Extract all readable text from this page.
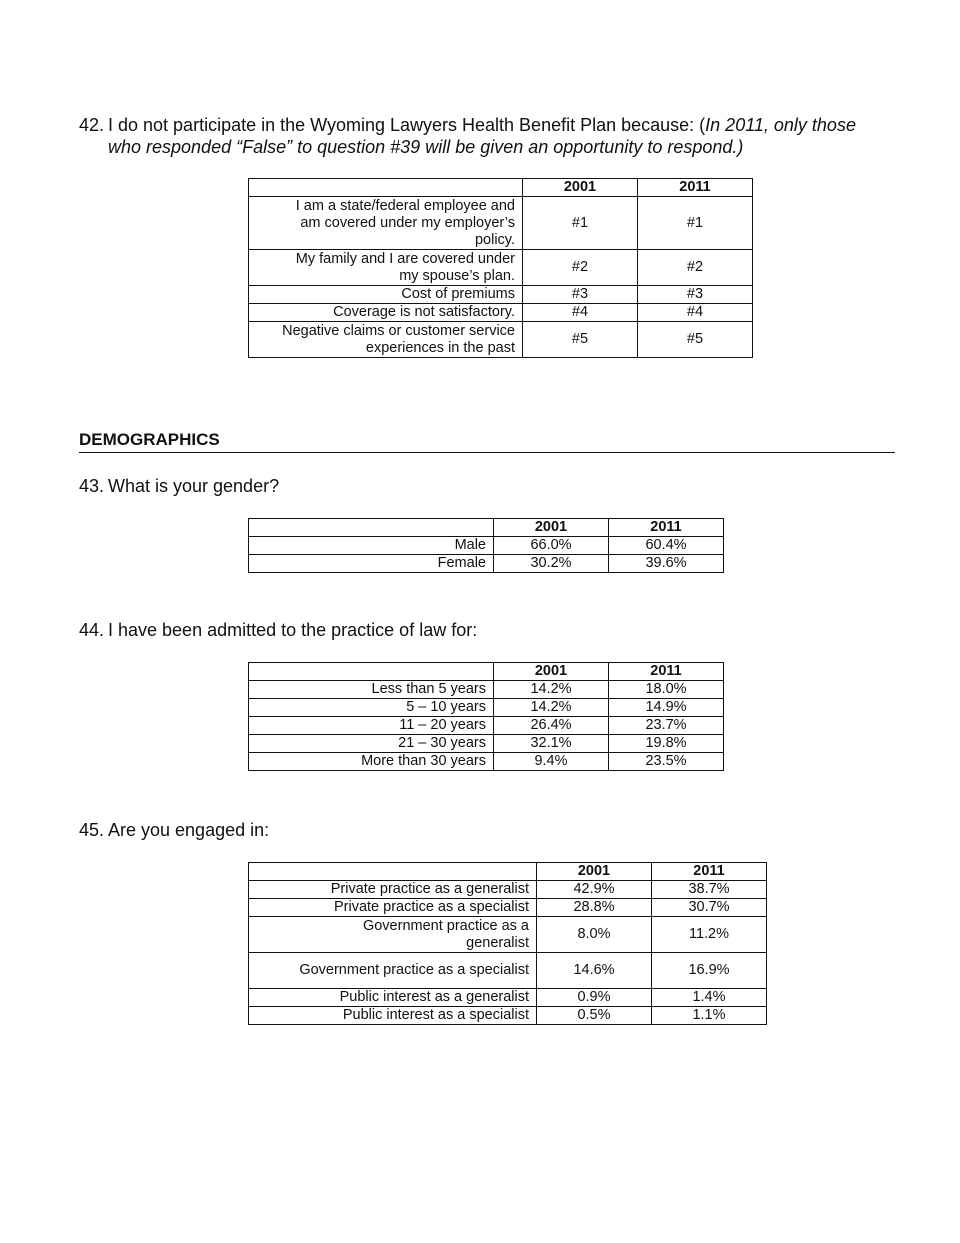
42. I do not participate in the Wyoming Lawyers Health Benefit Plan because: (In 2011, only those
who responded “False” to question #39 will be given an opportunity to respond.)
	2001	2011
I am a state/federal employee and am covered under my employer’s policy.	#1	#1
My family and I are covered under my spouse’s plan.	#2	#2
Cost of premiums	#3	#3
Coverage is not satisfactory.	#4	#4
Negative claims or customer service experiences in the past	#5	#5
DEMOGRAPHICS
43. What is your gender?
	2001	2011
Male	66.0%	60.4%
Female	30.2%	39.6%
44. I have been admitted to the practice of law for:
	2001	2011
Less than 5 years	14.2%	18.0%
5 – 10 years	14.2%	14.9%
11 – 20 years	26.4%	23.7%
21 – 30 years	32.1%	19.8%
More than 30 years	9.4%	23.5%
45. Are you engaged in:
	2001	2011
Private practice as a generalist	42.9%	38.7%
Private practice as a specialist	28.8%	30.7%
Government practice as a generalist	8.0%	11.2%
Government practice as a specialist	14.6%	16.9%
Public interest as a generalist	0.9%	1.4%
Public interest as a specialist	0.5%	1.1%
